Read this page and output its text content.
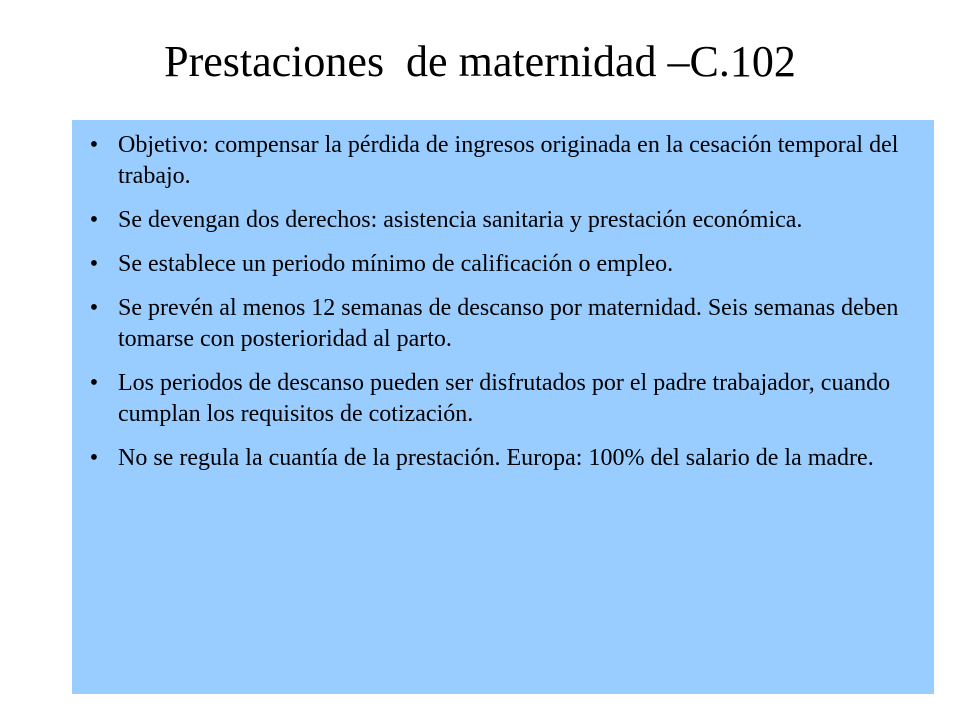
Prestaciones  de maternidad –C.102
• Objetivo: compensar la pérdida de ingresos originada en la cesación temporal del trabajo.
• Se devengan dos derechos: asistencia sanitaria y prestación económica.
• Se establece un periodo mínimo de calificación o empleo.
• Se prevén al menos 12 semanas de descanso por maternidad. Seis semanas deben tomarse con posterioridad al parto.
• Los periodos de descanso pueden ser disfrutados por el padre trabajador, cuando cumplan los requisitos de cotización.
• No se regula la cuantía de la prestación. Europa: 100% del salario de la madre.
